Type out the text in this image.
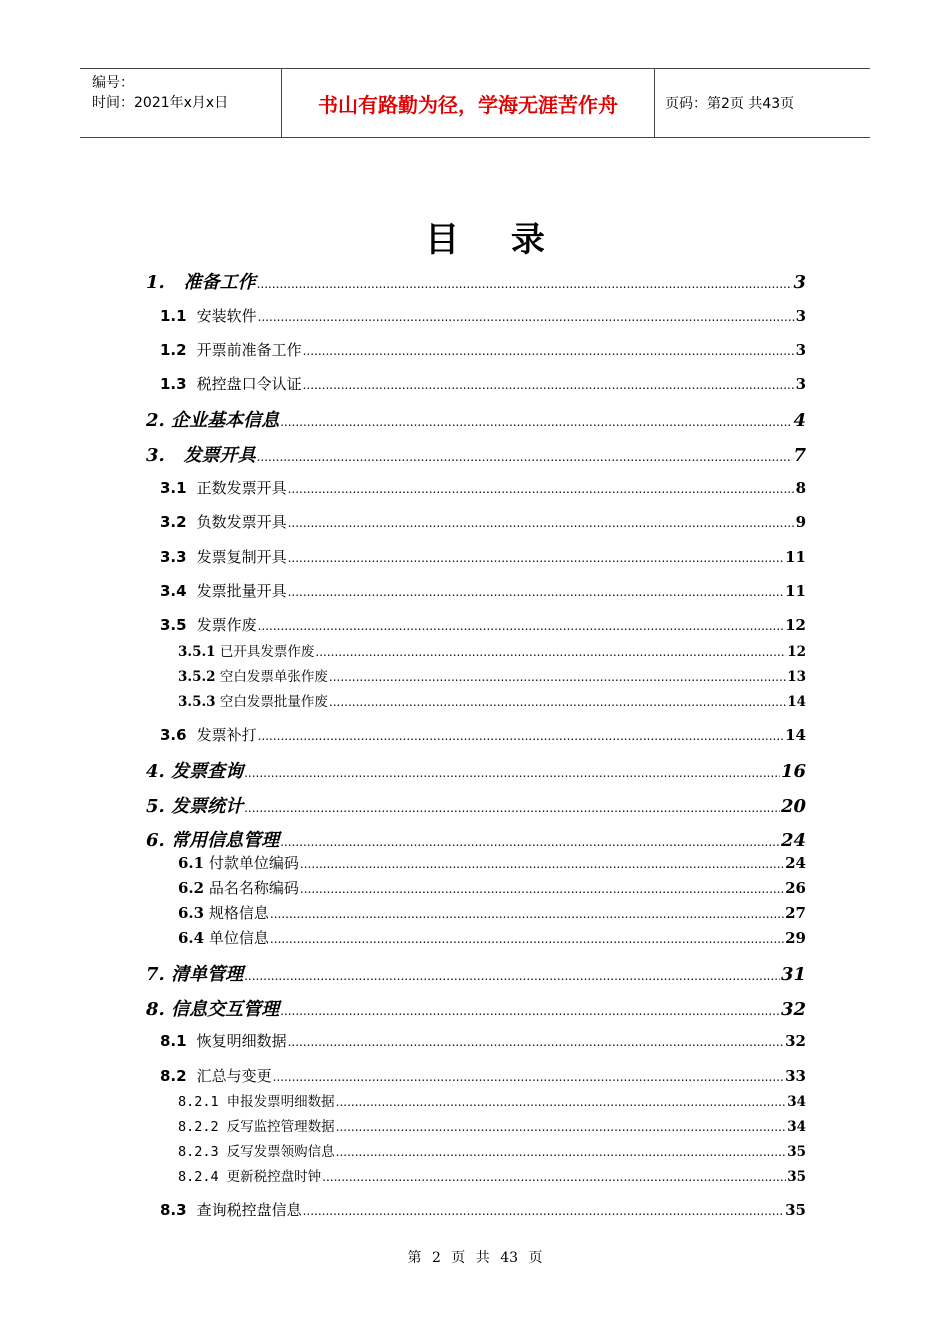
编号：
时间：2021年x月x日	书山有路勤为径，学海无涯苦作舟	页码：第2页 共43页
目 录
1. 准备工作 .....	3
1.1 安装软件 .....	3
1.2 开票前准备工作 .....	3
1.3 税控盘口令认证 .....	3
2. 企业基本信息 .....	4
3. 发票开具 .....	7
3.1 正数发票开具 .....	8
3.2 负数发票开具 .....	9
3.3 发票复制开具 .....	11
3.4 发票批量开具 .....	11
3.5 发票作废 .....	12
3.5.1 已开具发票作废 .....	12
3.5.2 空白发票单张作废 .....	13
3.5.3 空白发票批量作废 .....	14
3.6 发票补打 .....	14
4. 发票查询 .....	16
5. 发票统计 .....	20
6. 常用信息管理 .....	24
6.1 付款单位编码 .....	24
6.2 品名名称编码 .....	26
6.3 规格信息 .....	27
6.4 单位信息 .....	29
7. 清单管理 .....	31
8. 信息交互管理 .....	32
8.1 恢复明细数据 .....	32
8.2 汇总与变更 .....	33
8.2.1 申报发票明细数据 .....	34
8.2.2 反写监控管理数据 .....	34
8.2.3 反写发票领购信息 .....	35
8.2.4 更新税控盘时钟 .....	35
8.3 查询税控盘信息 .....	35
第 2 页 共 43 页
